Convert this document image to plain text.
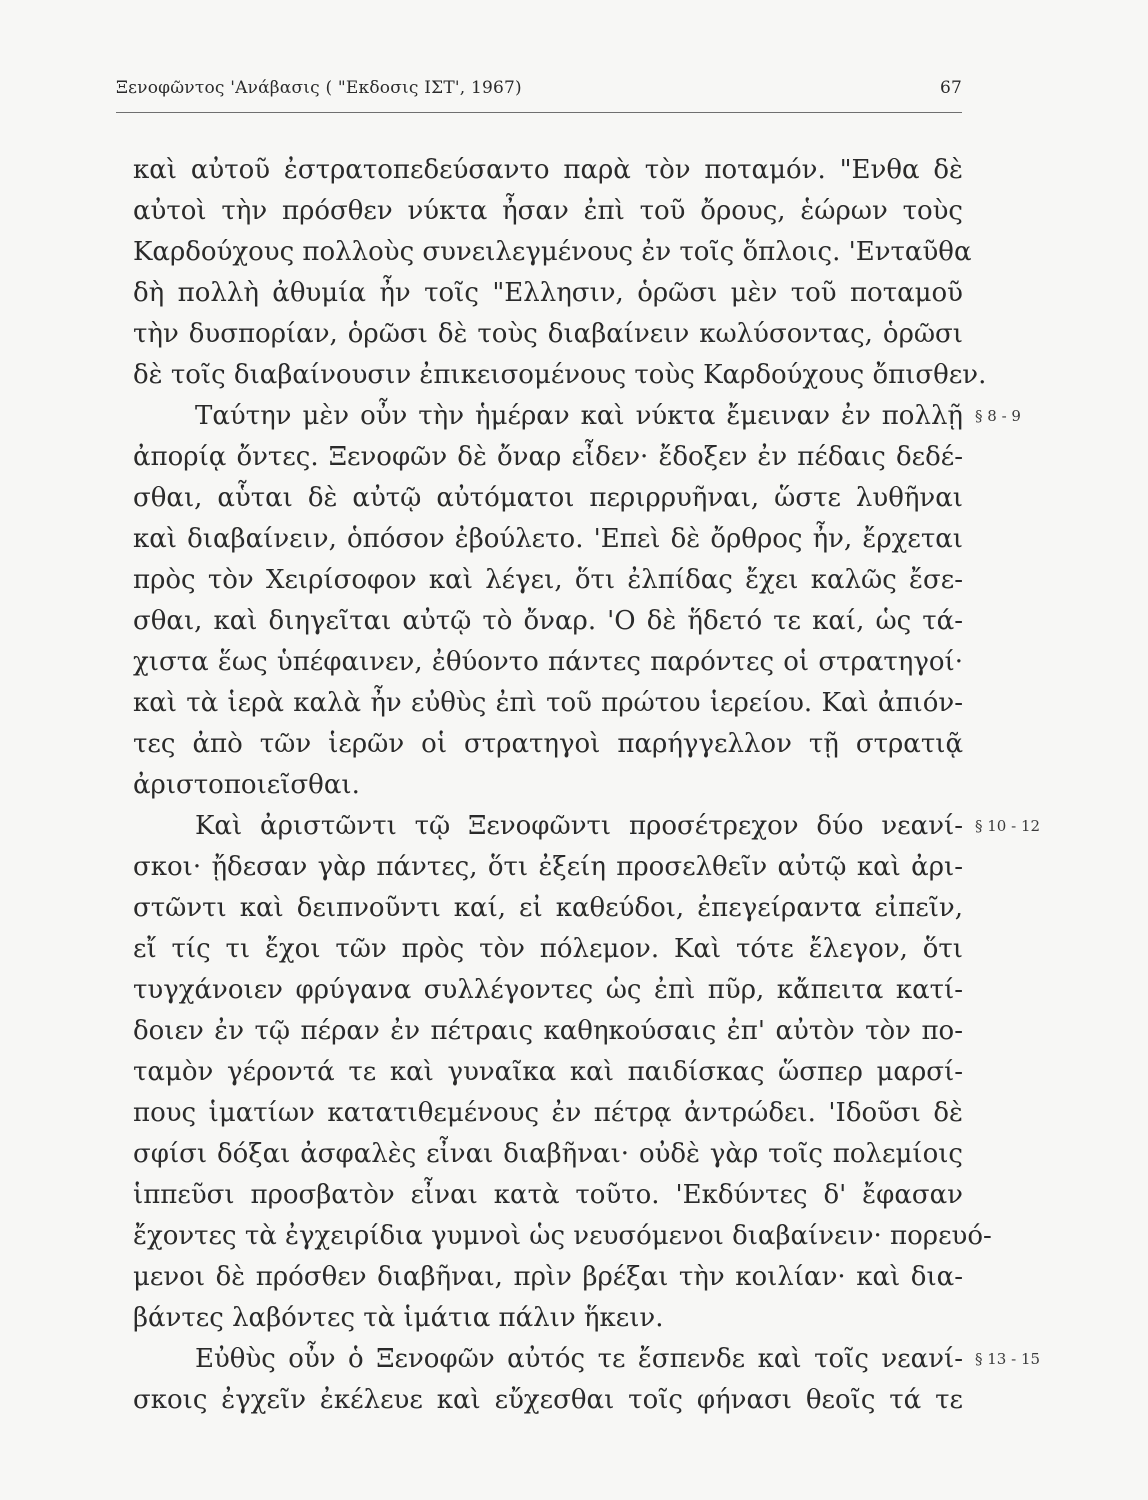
Ξενοφῶντος 'Ανάβασις ( "Εκδοσις ΙΣΤ', 1967)	67
καὶ αὐτοῦ ἐστρατοπεδεύσαντο παρὰ τὸν ποταμόν. "Ενθα δὲ
αὐτοὶ τὴν πρόσθεν νύκτα ἦσαν ἐπὶ τοῦ ὄρους, ἑώρων τοὺς
Καρδούχους πολλοὺς συνειλεγμένους ἐν τοῖς ὅπλοις. 'Ενταῦθα
δὴ πολλὴ ἀθυμία ἦν τοῖς "Ελλησιν, ὁρῶσι μὲν τοῦ ποταμοῦ
τὴν δυσπορίαν, ὁρῶσι δὲ τοὺς διαβαίνειν κωλύσοντας, ὁρῶσι
δὲ τοῖς διαβαίνουσιν ἐπικεισομένους τοὺς Καρδούχους ὄπισθεν.
Ταύτην μὲν οὖν τὴν ἡμέραν καὶ νύκτα ἔμειναν ἐν πολλῇ
ἀπορίᾳ ὄντες. Ξενοφῶν δὲ ὄναρ εἶδεν· ἔδοξεν ἐν πέδαις δεδέ-
σθαι, αὗται δὲ αὐτῷ αὐτόματοι περιρρυῆναι, ὥστε λυθῆναι
καὶ διαβαίνειν, ὁπόσον ἐβούλετο. 'Επεὶ δὲ ὄρθρος ἦν, ἔρχεται
πρὸς τὸν Χειρίσοφον καὶ λέγει, ὅτι ἐλπίδας ἔχει καλῶς ἔσε-
σθαι, καὶ διηγεῖται αὐτῷ τὸ ὄναρ. 'Ο δὲ ἥδετό τε καί, ὡς τά-
χιστα ἕως ὑπέφαινεν, ἐθύοντο πάντες παρόντες οἱ στρατηγοί·
καὶ τὰ ἱερὰ καλὰ ἦν εὐθὺς ἐπὶ τοῦ πρώτου ἱερείου. Καὶ ἀπιόν-
τες ἀπὸ τῶν ἱερῶν οἱ στρατηγοὶ παρήγγελλον τῇ στρατιᾷ
ἀριστοποιεῖσθαι.
Καὶ ἀριστῶντι τῷ Ξενοφῶντι προσέτρεχον δύο νεανί-
σκοι· ᾔδεσαν γὰρ πάντες, ὅτι ἐξείη προσελθεῖν αὐτῷ καὶ ἀρι-
στῶντι καὶ δειπνοῦντι καί, εἰ καθεύδοι, ἐπεγείραντα εἰπεῖν,
εἴ τίς τι ἔχοι τῶν πρὸς τὸν πόλεμον. Καὶ τότε ἔλεγον, ὅτι
τυγχάνοιεν φρύγανα συλλέγοντες ὡς ἐπὶ πῦρ, κἄπειτα κατί-
δοιεν ἐν τῷ πέραν ἐν πέτραις καθηκούσαις ἐπ' αὐτὸν τὸν πο-
ταμὸν γέροντά τε καὶ γυναῖκα καὶ παιδίσκας ὥσπερ μαρσί-
πους ἱματίων κατατιθεμένους ἐν πέτρᾳ ἀντρώδει. 'Ιδοῦσι δὲ
σφίσι δόξαι ἀσφαλὲς εἶναι διαβῆναι· οὐδὲ γὰρ τοῖς πολεμίοις
ἱππεῦσι προσβατὸν εἶναι κατὰ τοῦτο. 'Εκδύντες δ' ἔφασαν
ἔχοντες τὰ ἐγχειρίδια γυμνοὶ ὡς νευσόμενοι διαβαίνειν· πορευό-
μενοι δὲ πρόσθεν διαβῆναι, πρὶν βρέξαι τὴν κοιλίαν· καὶ δια-
βάντες λαβόντες τὰ ἱμάτια πάλιν ἥκειν.
Εὐθὺς οὖν ὁ Ξενοφῶν αὐτός τε ἔσπενδε καὶ τοῖς νεανί-
σκοις ἐγχεῖν ἐκέλευε καὶ εὔχεσθαι τοῖς φήνασι θεοῖς τά τε
§ 8 - 9
§ 10 - 12
§ 13 - 15
